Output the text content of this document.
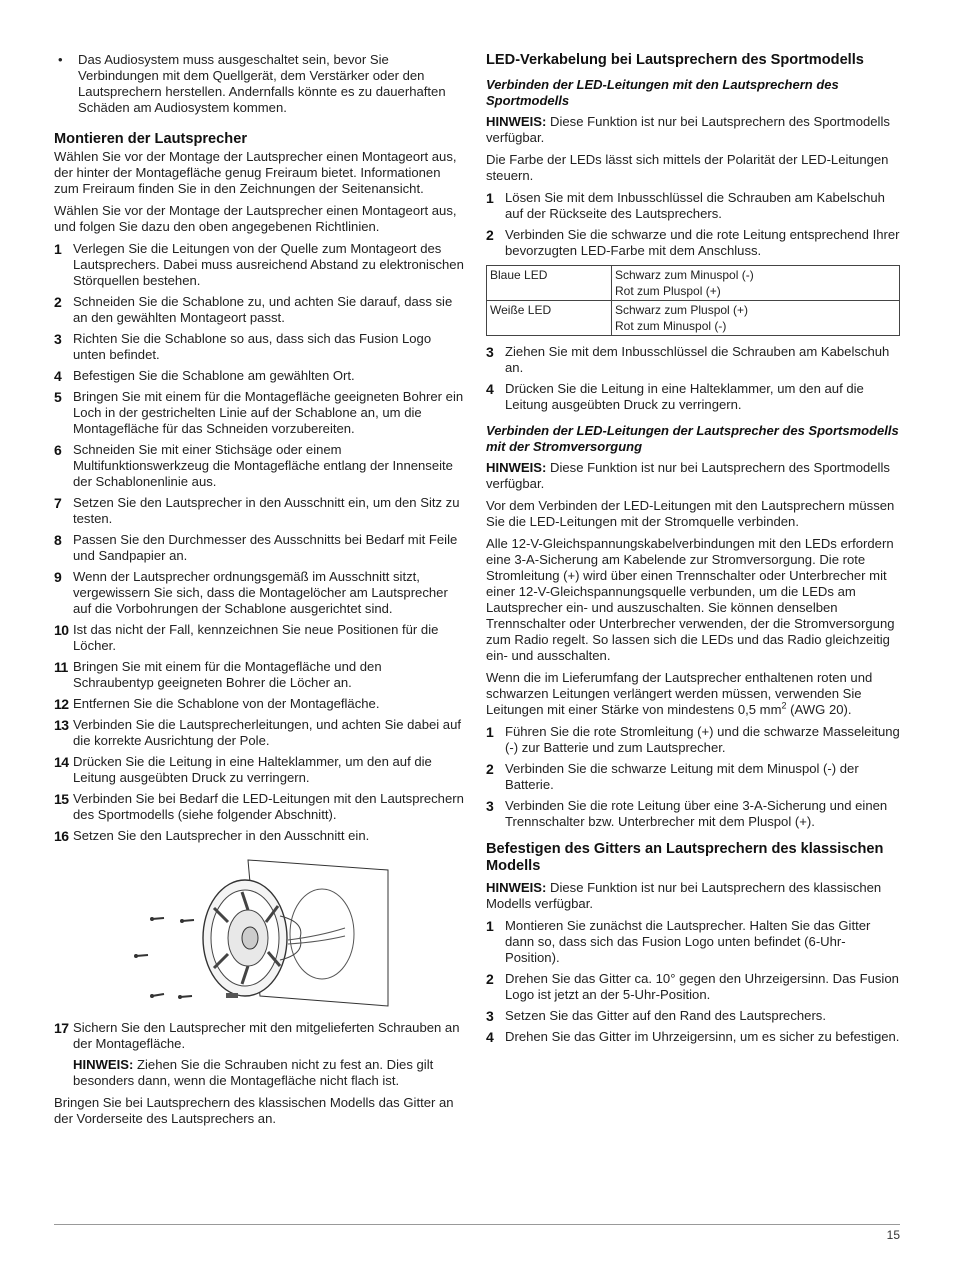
•	Das Audiosystem muss ausgeschaltet sein, bevor Sie Verbindungen mit dem Quellgerät, dem Verstärker oder den Lautsprechern herstellen. Andernfalls könnte es zu dauerhaften Schäden am Audiosystem kommen.
Montieren der Lautsprecher

Wählen Sie vor der Montage der Lautsprecher einen Montageort aus, der hinter der Montagefläche genug Freiraum bietet. Informationen zum Freiraum finden Sie in den Zeichnungen der Seitenansicht.

Wählen Sie vor der Montage der Lautsprecher einen Montageort aus, und folgen Sie dazu den oben angegebenen Richtlinien.

1 Verlegen Sie die Leitungen von der Quelle zum Montageort des Lautsprechers. Dabei muss ausreichend Abstand zu elektronischen Störquellen bestehen.
2 Schneiden Sie die Schablone zu, und achten Sie darauf, dass sie an den gewählten Montageort passt.
3 Richten Sie die Schablone so aus, dass sich das Fusion Logo unten befindet.
4 Befestigen Sie die Schablone am gewählten Ort.
5 Bringen Sie mit einem für die Montagefläche geeigneten Bohrer ein Loch in der gestrichelten Linie auf der Schablone an, um die Montagefläche für das Schneiden vorzubereiten.
6 Schneiden Sie mit einer Stichsäge oder einem Multifunktionswerkzeug die Montagefläche entlang der Innenseite der Schablonenlinie aus.
7 Setzen Sie den Lautsprecher in den Ausschnitt ein, um den Sitz zu testen.
8 Passen Sie den Durchmesser des Ausschnitts bei Bedarf mit Feile und Sandpapier an.
9 Wenn der Lautsprecher ordnungsgemäß im Ausschnitt sitzt, vergewissern Sie sich, dass die Montagelöcher am Lautsprecher auf die Vorbohrungen der Schablone ausgerichtet sind.
10 Ist das nicht der Fall, kennzeichnen Sie neue Positionen für die Löcher.
11 Bringen Sie mit einem für die Montagefläche und den Schraubentyp geeigneten Bohrer die Löcher an.
12 Entfernen Sie die Schablone von der Montagefläche.
13 Verbinden Sie die Lautsprecherleitungen, und achten Sie dabei auf die korrekte Ausrichtung der Pole.
14 Drücken Sie die Leitung in eine Halteklammer, um den auf die Leitung ausgeübten Druck zu verringern.
15 Verbinden Sie bei Bedarf die LED-Leitungen mit den Lautsprechern des Sportmodells (siehe folgender Abschnitt).
16 Setzen Sie den Lautsprecher in den Ausschnitt ein.
17 Sichern Sie den Lautsprecher mit den mitgelieferten Schrauben an der Montagefläche.

HINWEIS: Ziehen Sie die Schrauben nicht zu fest an. Dies gilt besonders dann, wenn die Montagefläche nicht flach ist.

Bringen Sie bei Lautsprechern des klassischen Modells das Gitter an der Vorderseite des Lautsprechers an.

LED-Verkabelung bei Lautsprechern des Sportmodells
Verbinden der LED-Leitungen mit den Lautsprechern des Sportmodells

HINWEIS: Diese Funktion ist nur bei Lautsprechern des Sportmodells verfügbar.

Die Farbe der LEDs lässt sich mittels der Polarität der LED-Leitungen steuern.

1 Lösen Sie mit dem Inbusschlüssel die Schrauben am Kabelschuh auf der Rückseite des Lautsprechers.
2 Verbinden Sie die schwarze und die rote Leitung entsprechend Ihrer bevorzugten LED-Farbe mit dem Anschluss.
Blaue LED	Schwarz zum Minuspol (-)
Rot zum Pluspol (+)

Weiße LED	Schwarz zum Pluspol (+)
Rot zum Minuspol (-)
3 Ziehen Sie mit dem Inbusschlüssel die Schrauben am Kabelschuh an.
4 Drücken Sie die Leitung in eine Halteklammer, um den auf die Leitung ausgeübten Druck zu verringern.
Verbinden der LED-Leitungen der Lautsprecher des Sportsmodells mit der Stromversorgung

HINWEIS: Diese Funktion ist nur bei Lautsprechern des Sportmodells verfügbar.

Vor dem Verbinden der LED-Leitungen mit den Lautsprechern müssen Sie die LED-Leitungen mit der Stromquelle verbinden.

Alle 12-V-Gleichspannungskabelverbindungen mit den LEDs erfordern eine 3-A-Sicherung am Kabelende zur Stromversorgung. Die rote Stromleitung (+) wird über einen Trennschalter oder Unterbrecher mit einer 12-V-Gleichspannungsquelle verbunden, um die LEDs am Lautsprecher ein- und auszuschalten. Sie können denselben Trennschalter oder Unterbrecher verwenden, der die Stromversorgung zum Radio regelt. So lassen sich die LEDs und das Radio gleichzeitig ein- und ausschalten.

Wenn die im Lieferumfang der Lautsprecher enthaltenen roten und schwarzen Leitungen verlängert werden müssen, verwenden Sie Leitungen mit einer Stärke von mindestens 0,5 $mm^2$ (AWG 20).

1 Führen Sie die rote Stromleitung (+) und die schwarze Masseleitung (-) zur Batterie und zum Lautsprecher.
2 Verbinden Sie die schwarze Leitung mit dem Minuspol (-) der Batterie.
3 Verbinden Sie die rote Leitung über eine 3-A-Sicherung und einen Trennschalter bzw. Unterbrecher mit dem Pluspol (+).
Befestigen des Gitters an Lautsprechern des klassischen Modells

HINWEIS: Diese Funktion ist nur bei Lautsprechern des klassischen Modells verfügbar.

1 Montieren Sie zunächst die Lautsprecher. Halten Sie das Gitter dann so, dass sich das Fusion Logo unten befindet (6-Uhr-Position).
2 Drehen Sie das Gitter ca. 10° gegen den Uhrzeigersinn. Das Fusion Logo ist jetzt an der 5-Uhr-Position.
3 Setzen Sie das Gitter auf den Rand des Lautsprechers.
4 Drehen Sie das Gitter im Uhrzeigersinn, um es sicher zu befestigen.
15
